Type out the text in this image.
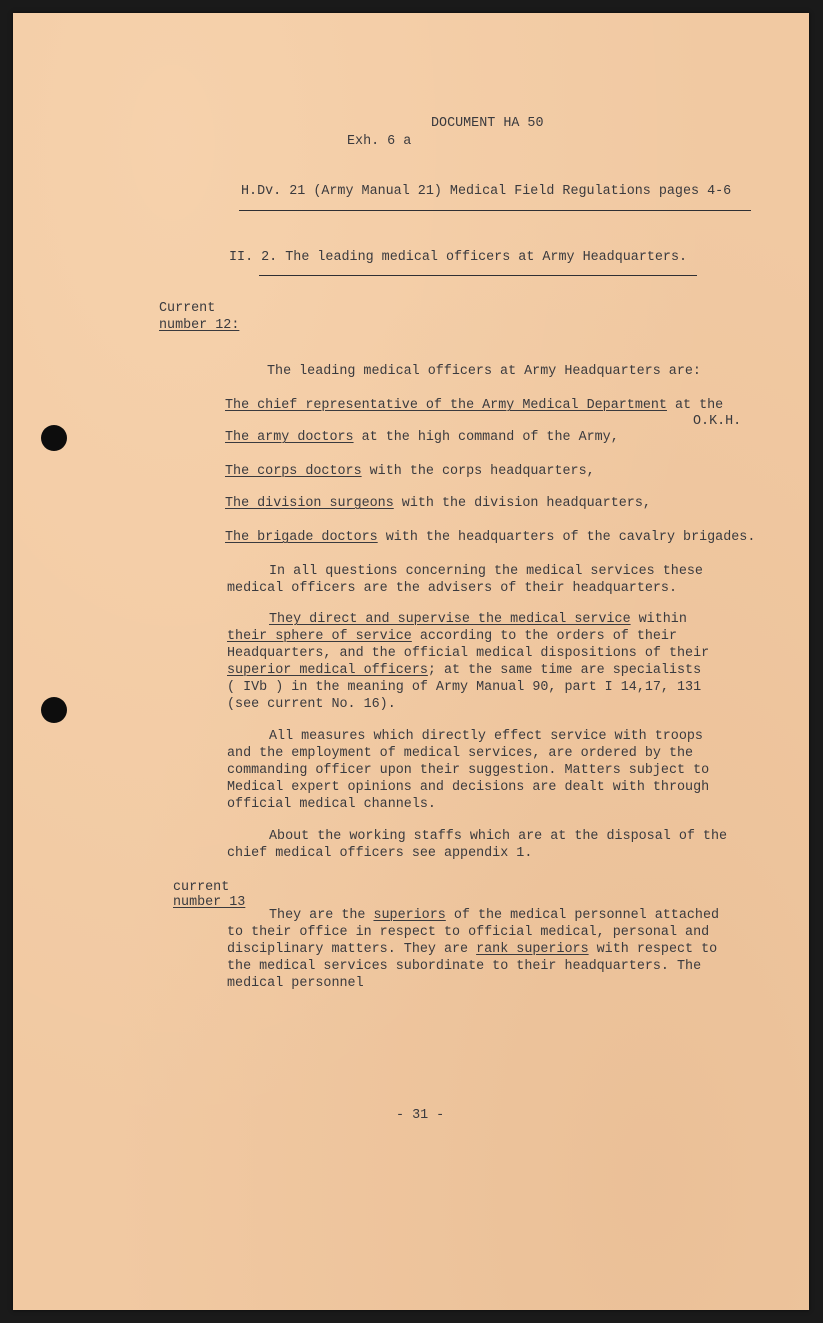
DOCUMENT HA 50

Exh. 6 a

H.Dv. 21 (Army Manual 21) Medical Field Regulations pages 4-6

II. 2. The leading medical officers at Army Headquarters.

Current

number 12:

The leading medical officers at Army Headquarters are:

The chief representative of the Army Medical Department at the

O.K.H.

The army doctors at the high command of the Army,

The corps doctors with the corps headquarters,

The division surgeons with the division headquarters,

The brigade doctors with the headquarters of the cavalry brigades.

In all questions concerning the medical services these

medical officers are the advisers of their headquarters.

They direct and supervise the medical service within

their sphere of service according to the orders of their

Headquarters, and the official medical dispositions of their

superior medical officers; at the same time are specialists

( IVb ) in the meaning of Army Manual 90, part I 14,17, 131

(see current No. 16).

All measures which directly effect service with troops

and the employment of medical services, are ordered by the

commanding officer upon their suggestion. Matters subject to

Medical expert opinions and decisions are dealt with through

official medical channels.

About the working staffs which are at the disposal of the

chief medical officers see appendix 1.

current

number 13

They are the superiors of the medical personnel attached

to their office in respect to official medical, personal and

disciplinary matters. They are rank superiors with respect to

the medical services subordinate to their headquarters. The

medical personnel

- 31 -
